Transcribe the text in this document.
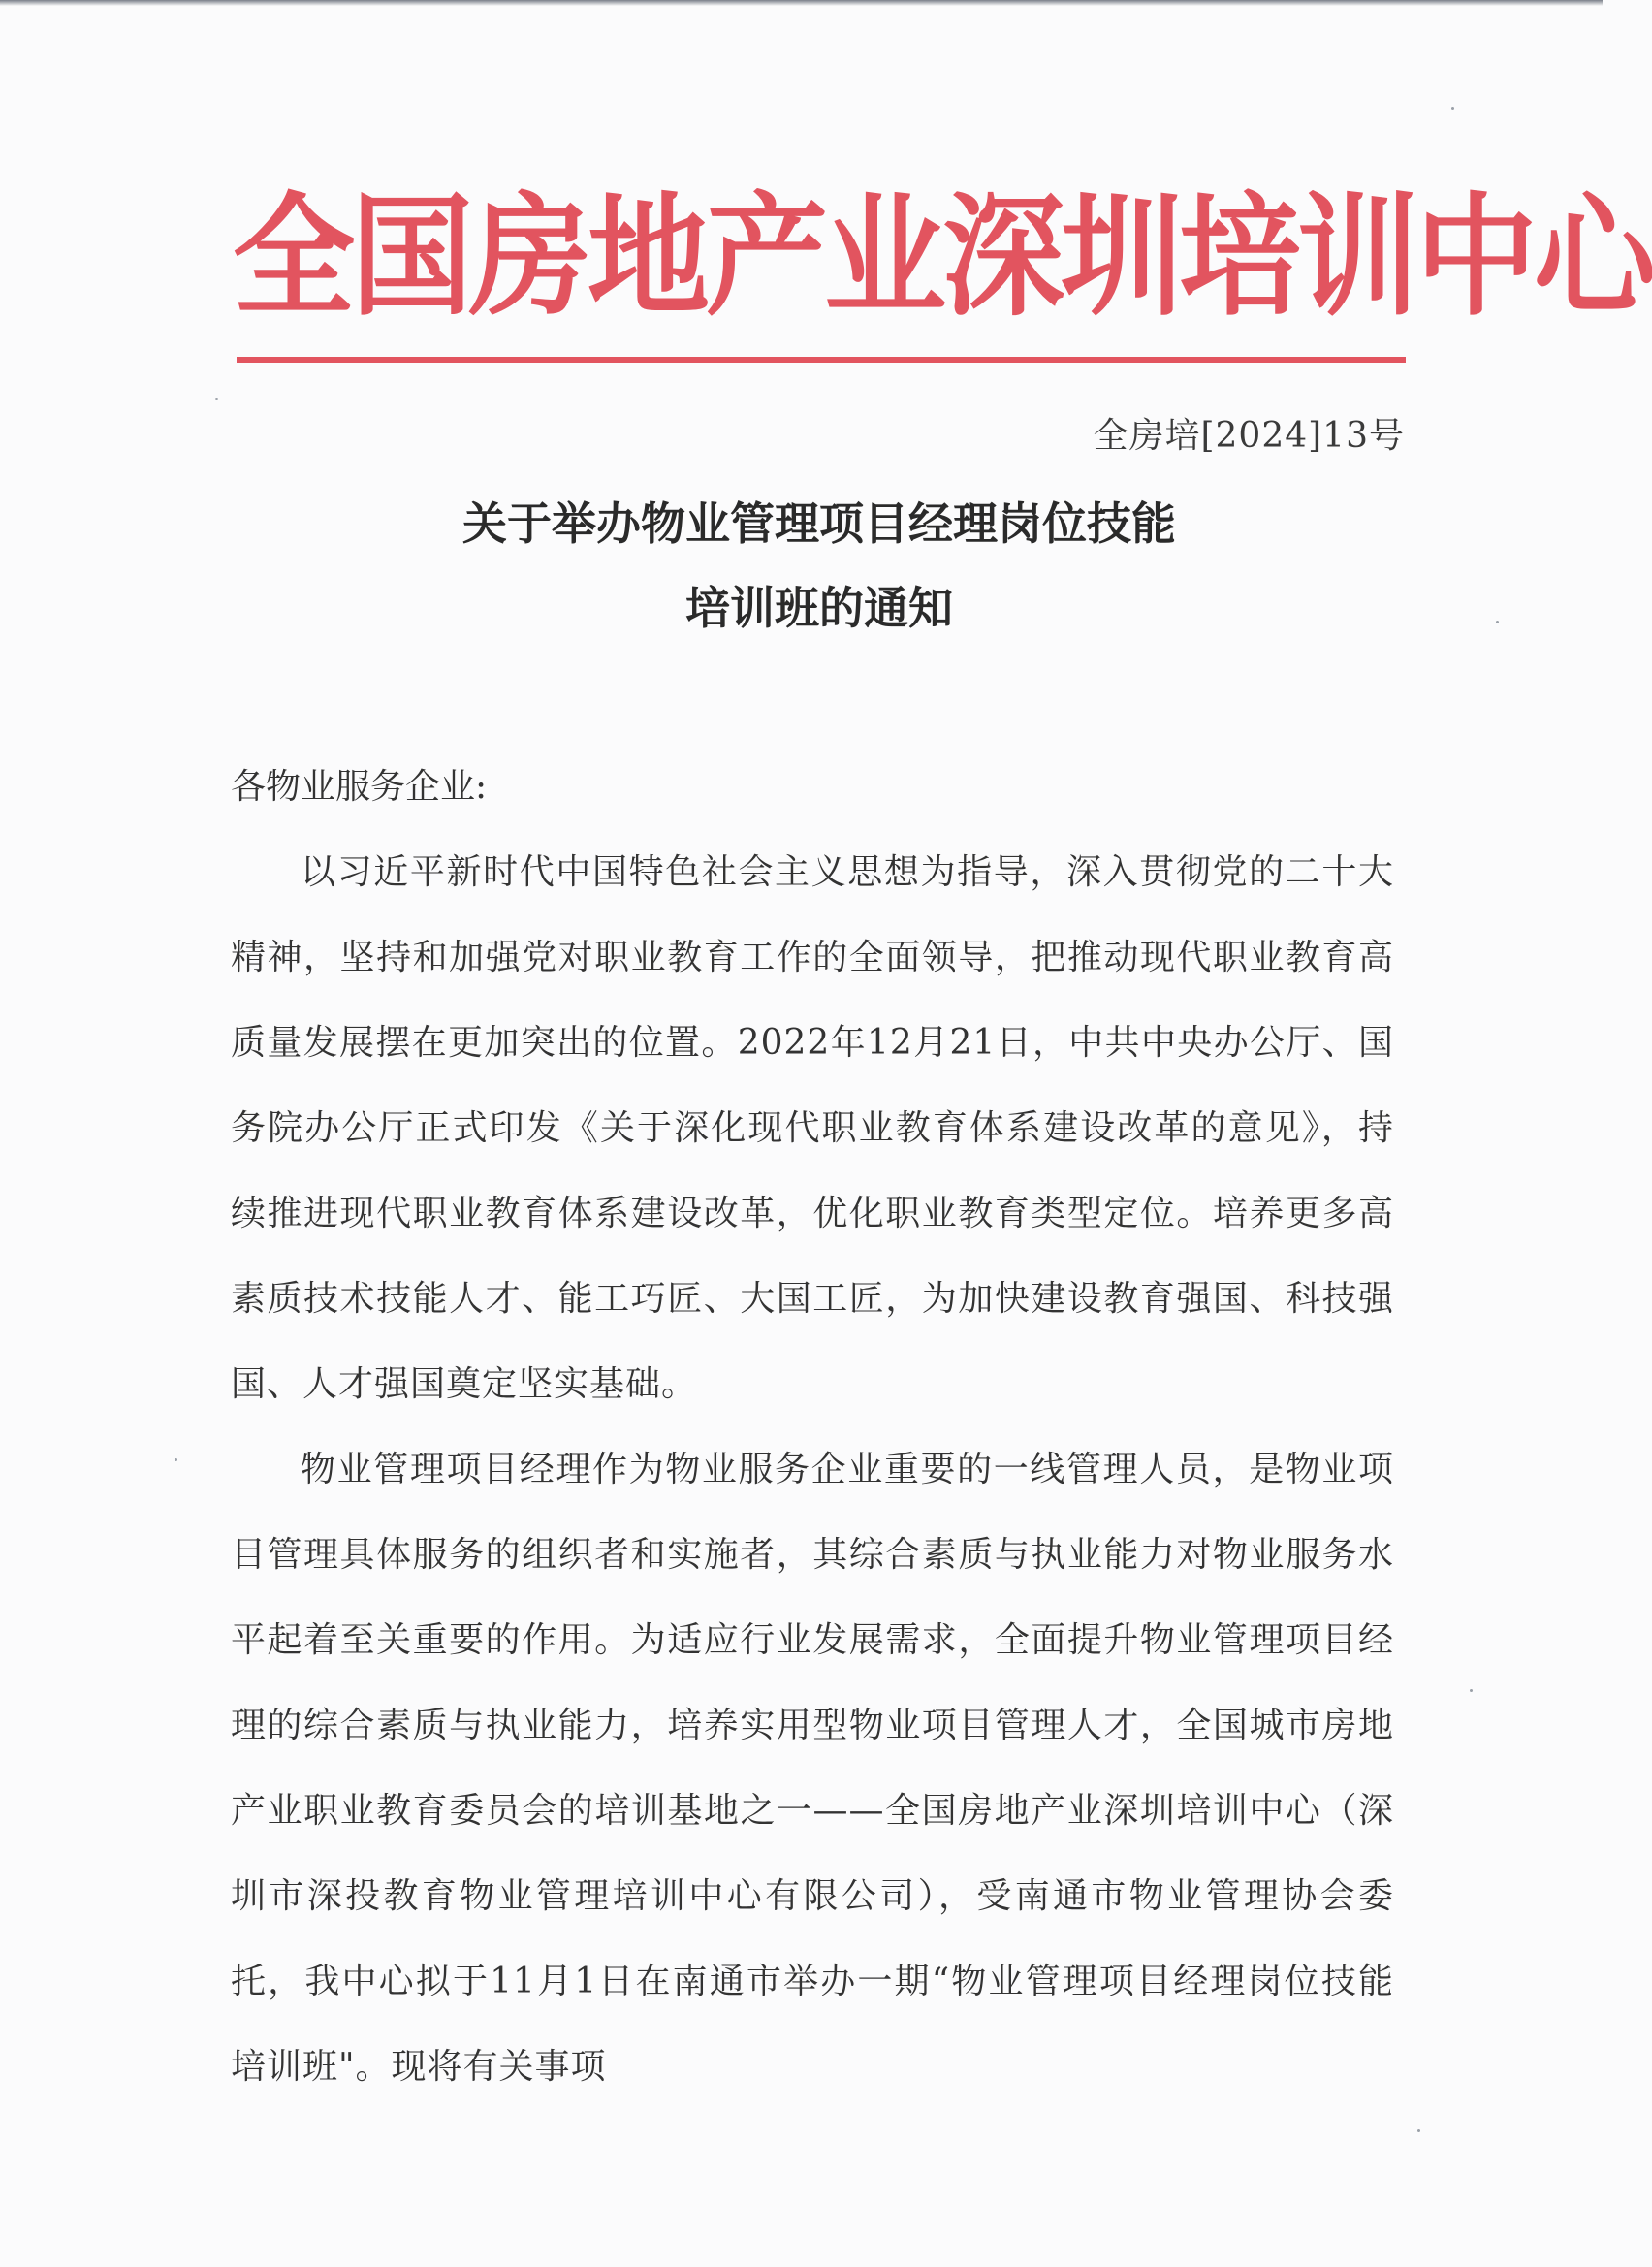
全国房地产业深圳培训中心
全房培[2024]13号
关于举办物业管理项目经理岗位技能
培训班的通知

各物业服务企业:

以习近平新时代中国特色社会主义思想为指导，深入贯彻党的二十大精神，坚持和加强党对职业教育工作的全面领导，把推动现代职业教育高质量发展摆在更加突出的位置。2022年12月21日，中共中央办公厅、国务院办公厅正式印发《关于深化现代职业教育体系建设改革的意见》，持续推进现代职业教育体系建设改革，优化职业教育类型定位。培养更多高素质技术技能人才、能工巧匠、大国工匠，为加快建设教育强国、科技强国、人才强国奠定坚实基础。

物业管理项目经理作为物业服务企业重要的一线管理人员，是物业项目管理具体服务的组织者和实施者，其综合素质与执业能力对物业服务水平起着至关重要的作用。为适应行业发展需求，全面提升物业管理项目经理的综合素质与执业能力，培养实用型物业项目管理人才，全国城市房地产业职业教育委员会的培训基地之一——全国房地产业深圳培训中心（深圳市深投教育物业管理培训中心有限公司），受南通市物业管理协会委托，我中心拟于11月1日在南通市举办一期“物业管理项目经理岗位技能培训班"。现将有关事项
